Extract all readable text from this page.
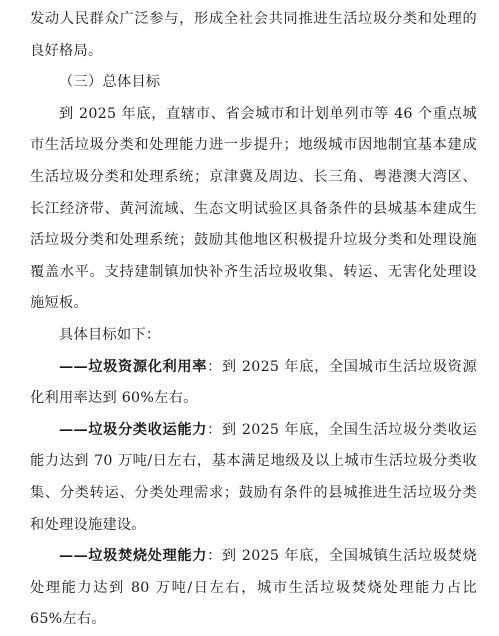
发动人民群众广泛参与，形成全社会共同推进生活垃圾分类和处理的良好格局。

（三）总体目标

到 2025 年底，直辖市、省会城市和计划单列市等 46 个重点城市生活垃圾分类和处理能力进一步提升；地级城市因地制宜基本建成生活垃圾分类和处理系统；京津冀及周边、长三角、粤港澳大湾区、长江经济带、黄河流域、生态文明试验区具备条件的县城基本建成生活垃圾分类和处理系统；鼓励其他地区积极提升垃圾分类和处理设施覆盖水平。支持建制镇加快补齐生活垃圾收集、转运、无害化处理设施短板。

具体目标如下：

——垃圾资源化利用率：到 2025 年底，全国城市生活垃圾资源化利用率达到 60%左右。

——垃圾分类收运能力：到 2025 年底，全国生活垃圾分类收运能力达到 70 万吨/日左右，基本满足地级及以上城市生活垃圾分类收集、分类转运、分类处理需求；鼓励有条件的县城推进生活垃圾分类和处理设施建设。

——垃圾焚烧处理能力：到 2025 年底，全国城镇生活垃圾焚烧处理能力达到 80 万吨/日左右，城市生活垃圾焚烧处理能力占比 65%左右。
